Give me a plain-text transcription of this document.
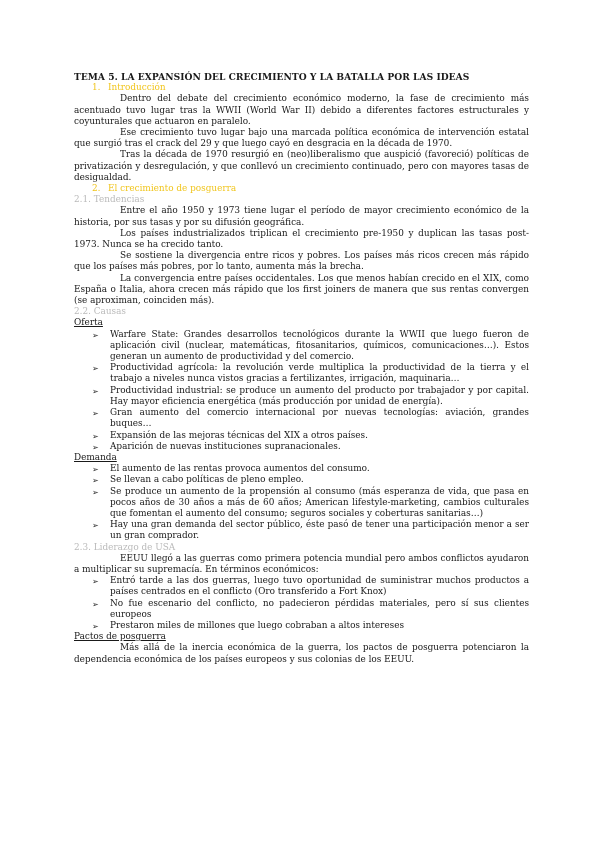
TEMA 5. LA EXPANSIÓN DEL CRECIMIENTO Y LA BATALLA POR LAS IDEAS

1. Introducción

Dentro del debate del crecimiento económico moderno, la fase de crecimiento más acentuado tuvo lugar tras la WWII (World War II) debido a diferentes factores estructurales y coyunturales que actuaron en paralelo.

Ese crecimiento tuvo lugar bajo una marcada política económica de intervención estatal que surgió tras el crack del 29 y que luego cayó en desgracia en la década de 1970.

Tras la década de 1970 resurgió en (neo)liberalismo que auspició (favoreció) políticas de privatización y desregulación, y que conllevó un crecimiento continuado, pero con mayores tasas de desigualdad.

2. El crecimiento de posguerra

2.1. Tendencias

Entre el año 1950 y 1973 tiene lugar el período de mayor crecimiento económico de la historia, por sus tasas y por su difusión geográfica.

Los países industrializados triplican el crecimiento pre-1950 y duplican las tasas post-1973. Nunca se ha crecido tanto.

Se sostiene la divergencia entre ricos y pobres. Los países más ricos crecen más rápido que los países más pobres, por lo tanto, aumenta más la brecha.

La convergencia entre países occidentales. Los que menos habían crecido en el XIX, como España o Italia, ahora crecen más rápido que los first joiners de manera que sus rentas convergen (se aproximan, coinciden más).

2.2. Causas

Oferta

➢ Warfare State: Grandes desarrollos tecnológicos durante la WWII que luego fueron de aplicación civil (nuclear, matemáticas, fitosanitarios, químicos, comunicaciones…). Estos generan un aumento de productividad y del comercio.
➢ Productividad agrícola: la revolución verde multiplica la productividad de la tierra y el trabajo a niveles nunca vistos gracias a fertilizantes, irrigación, maquinaria…
➢ Productividad industrial: se produce un aumento del producto por trabajador y por capital. Hay mayor eficiencia energética (más producción por unidad de energía).
➢ Gran aumento del comercio internacional por nuevas tecnologías: aviación, grandes buques…
➢ Expansión de las mejoras técnicas del XIX a otros países.
➢ Aparición de nuevas instituciones supranacionales.

Demanda

➢ El aumento de las rentas provoca aumentos del consumo.
➢ Se llevan a cabo políticas de pleno empleo.
➢ Se produce un aumento de la propensión al consumo (más esperanza de vida, que pasa en pocos años de 30 años a más de 60 años; American lifestyle-marketing, cambios culturales que fomentan el aumento del consumo; seguros sociales y coberturas sanitarias…)
➢ Hay una gran demanda del sector público, éste pasó de tener una participación menor a ser un gran comprador.

2.3. Liderazgo de USA

EEUU llegó a las guerras como primera potencia mundial pero ambos conflictos ayudaron a multiplicar su supremacía. En términos económicos:

➢ Entró tarde a las dos guerras, luego tuvo oportunidad de suministrar muchos productos a países centrados en el conflicto (Oro transferido a Fort Knox)
➢ No fue escenario del conflicto, no padecieron pérdidas materiales, pero sí sus clientes europeos
➢ Prestaron miles de millones que luego cobraban a altos intereses

Pactos de posguerra

Más allá de la inercia económica de la guerra, los pactos de posguerra potenciaron la dependencia económica de los países europeos y sus colonias de los EEUU.
